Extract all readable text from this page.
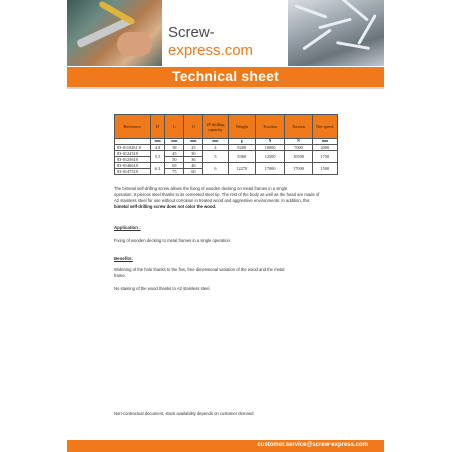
Screw-express.com
Technical sheet
Reference	D	L	G	2P drilling capacity	Weight	Traction	Torsion	Net speed
	mm	mm	mm	mm	g	N	N	mm
83-0110261 8	4.8	38	25	4	8200	10000	7000	2000
83-0124318	5.5	45	30	5	8360	12500	10500	1750
83-0125618		50	36					
83-0146618	6.3	65	46	6	12270	17000	17000	1500
83-0147518		75	60					
The bimetal self-drilling screw allows the fixing of wooden decking on metal frames in a single
operation. It pierces steel thanks to its cemented steel tip. The rest of the body as well as the head are made of
A2 stainless steel for use without corrosion in treated wood and aggressive environments. In addition, this
bimetal self-drilling screw does not color the wood.
Application :
Fixing of wooden decking to metal frames in a single operation.
Benefits:
Widening of the hole thanks to the fins, free dimensional variation of the wood and the metal
frame.
No staining of the wood thanks to A2 stainless steel.
Non-contractual document, stock availability depends on customer demand.
customer.service@screw-express.com
